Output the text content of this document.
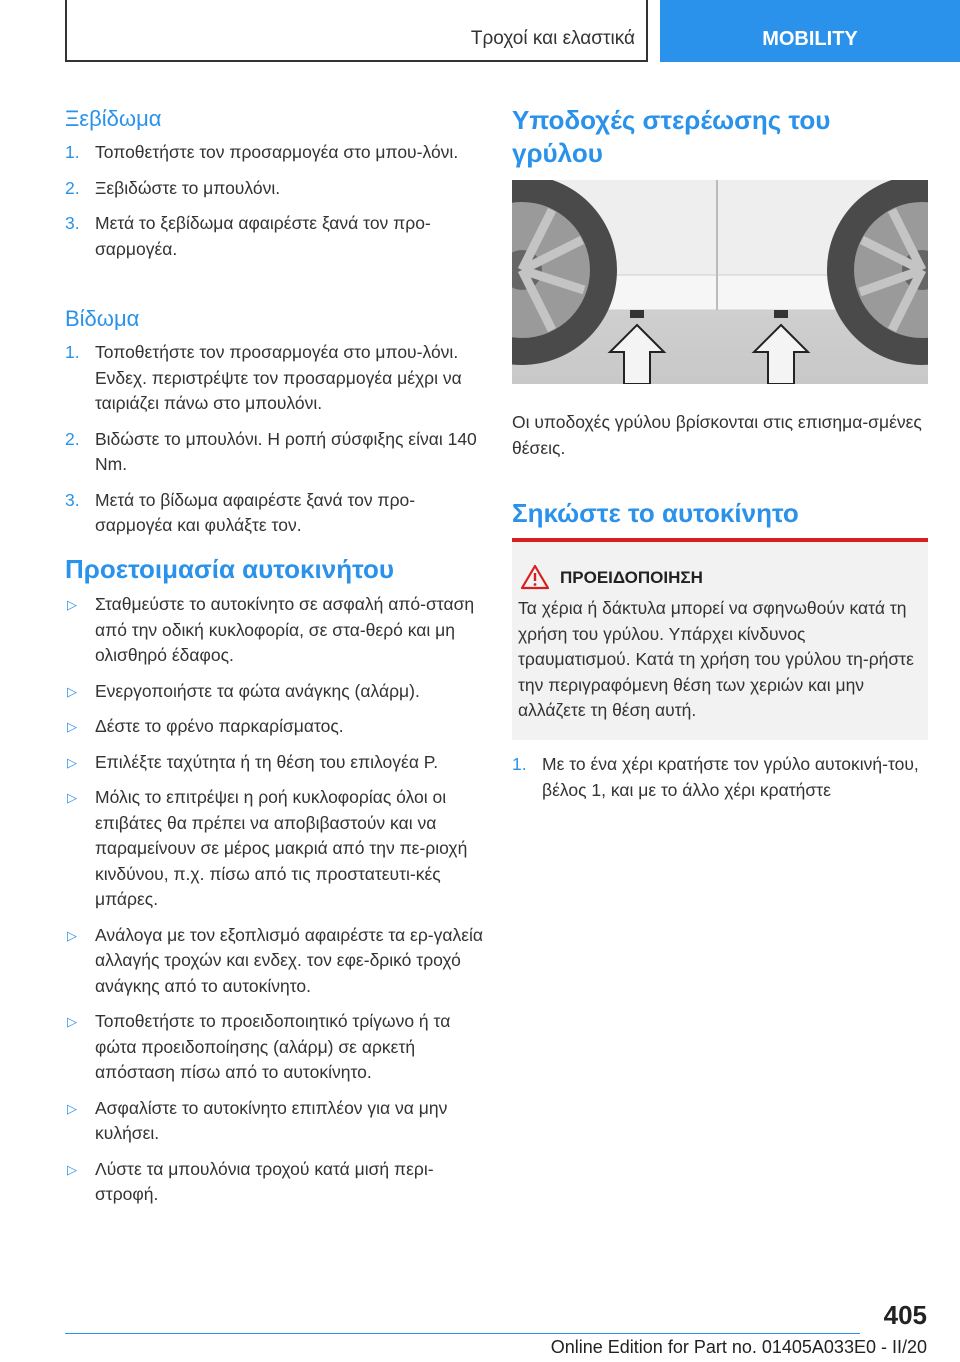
Τροχοί και ελαστικά	MOBILITY
Ξεβίδωμα
1. Τοποθετήστε τον προσαρμογέα στο μπου-λόνι.
2. Ξεβιδώστε το μπουλόνι.
3. Μετά το ξεβίδωμα αφαιρέστε ξανά τον προ-σαρμογέα.
Βίδωμα
1. Τοποθετήστε τον προσαρμογέα στο μπου-λόνι. Ενδεχ. περιστρέψτε τον προσαρμογέα μέχρι να ταιριάζει πάνω στο μπουλόνι.
2. Βιδώστε το μπουλόνι. Η ροπή σύσφιξης είναι 140 Nm.
3. Μετά το βίδωμα αφαιρέστε ξανά τον προ-σαρμογέα και φυλάξτε τον.
Προετοιμασία αυτοκινήτου
▷ Σταθμεύστε το αυτοκίνητο σε ασφαλή από-σταση από την οδική κυκλοφορία, σε στα-θερό και μη ολισθηρό έδαφος.
▷ Ενεργοποιήστε τα φώτα ανάγκης (αλάρμ).
▷ Δέστε το φρένο παρκαρίσματος.
▷ Επιλέξτε ταχύτητα ή τη θέση του επιλογέα P.
▷ Μόλις το επιτρέψει η ροή κυκλοφορίας όλοι οι επιβάτες θα πρέπει να αποβιβαστούν και να παραμείνουν σε μέρος μακριά από την πε-ριοχή κινδύνου, π.χ. πίσω από τις προστατευτι-κές μπάρες.
▷ Ανάλογα με τον εξοπλισμό αφαιρέστε τα ερ-γαλεία αλλαγής τροχών και ενδεχ. τον εφε-δρικό τροχό ανάγκης από το αυτοκίνητο.
▷ Τοποθετήστε το προειδοποιητικό τρίγωνο ή τα φώτα προειδοποίησης (αλάρμ) σε αρκετή απόσταση πίσω από το αυτοκίνητο.
▷ Ασφαλίστε το αυτοκίνητο επιπλέον για να μην κυλήσει.
▷ Λύστε τα μπουλόνια τροχού κατά μισή περι-στροφή.
Υποδοχές στερέωσης του γρύλου
Οι υποδοχές γρύλου βρίσκονται στις επισημα-σμένες θέσεις.
Σηκώστε το αυτοκίνητο
ΠΡΟΕΙΔΟΠΟΙΗΣΗ
Τα χέρια ή δάκτυλα μπορεί να σφηνωθούν κατά τη χρήση του γρύλου. Υπάρχει κίνδυνος τραυματισμού. Κατά τη χρήση του γρύλου τη-ρήστε την περιγραφόμενη θέση των χεριών και μην αλλάζετε τη θέση αυτή.
1. Με το ένα χέρι κρατήστε τον γρύλο αυτοκινή-του, βέλος 1, και με το άλλο χέρι κρατήστε
405
Online Edition for Part no. 01405A033E0 - II/20
